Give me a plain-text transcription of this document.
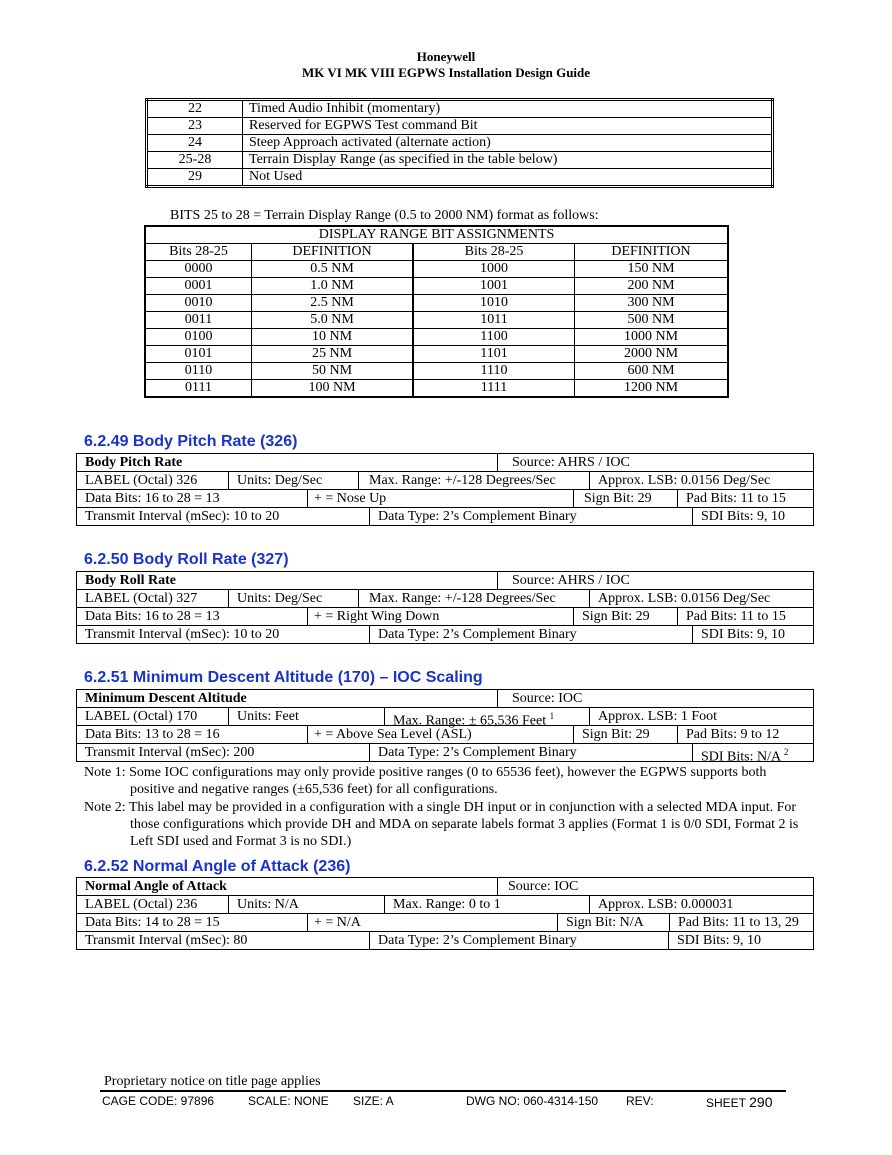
Honeywell
MK VI MK VIII EGPWS Installation Design Guide
22	Timed Audio Inhibit (momentary)
23	Reserved for EGPWS Test command Bit
24	Steep Approach activated (alternate action)
25-28	Terrain Display Range (as specified in the table below)
29	Not Used
BITS 25 to 28 = Terrain Display Range (0.5 to 2000 NM) format as follows:
DISPLAY RANGE BIT ASSIGNMENTS			
Bits 28-25	DEFINITION	Bits 28-25	DEFINITION
0000	0.5 NM	1000	150 NM
0001	1.0 NM	1001	200 NM
0010	2.5 NM	1010	300 NM
0011	5.0 NM	1011	500 NM
0100	10 NM	1100	1000 NM
0101	25 NM	1101	2000 NM
0110	50 NM	1110	600 NM
0111	100 NM	1111	1200 NM
6.2.49 Body Pitch Rate (326)
Body Pitch Rate	Source: AHRS / IOC
LABEL (Octal) 326	Units: Deg/Sec	Max. Range: +/-128 Degrees/Sec	Approx. LSB: 0.0156 Deg/Sec
Data Bits: 16 to 28 = 13	+ = Nose Up	Sign Bit: 29	Pad Bits: 11 to 15
Transmit Interval (mSec): 10 to 20	Data Type: 2’s Complement Binary	SDI Bits: 9, 10
6.2.50 Body Roll Rate (327)
Body Roll Rate	Source: AHRS / IOC
LABEL (Octal) 327	Units: Deg/Sec	Max. Range: +/-128 Degrees/Sec	Approx. LSB: 0.0156 Deg/Sec
Data Bits: 16 to 28 = 13	+ = Right Wing Down	Sign Bit: 29	Pad Bits: 11 to 15
Transmit Interval (mSec): 10 to 20	Data Type: 2’s Complement Binary	SDI Bits: 9, 10
6.2.51 Minimum Descent Altitude (170) – IOC Scaling
Minimum Descent Altitude	Source: IOC
LABEL (Octal) 170	Units: Feet	Max. Range: ± 65,536 Feet $^1$	Approx. LSB: 1 Foot
Data Bits: 13 to 28 = 16	+ = Above Sea Level (ASL)	Sign Bit: 29	Pad Bits: 9 to 12
Transmit Interval (mSec): 200	Data Type: 2’s Complement Binary	SDI Bits: N/A $^2$

Note 1: Some IOC configurations may only provide positive ranges (0 to 65536 feet), however the EGPWS supports both positive and negative ranges (±65,536 feet) for all configurations.

Note 2: This label may be provided in a configuration with a single DH input or in conjunction with a selected MDA input. For those configurations which provide DH and MDA on separate labels format 3 applies (Format 1 is 0/0 SDI, Format 2 is Left SDI used and Format 3 is no SDI.)

6.2.52 Normal Angle of Attack (236)
Normal Angle of Attack	Source: IOC
LABEL (Octal) 236	Units: N/A	Max. Range: 0 to 1	Approx. LSB: 0.000031
Data Bits: 14 to 28 = 15	+ = N/A	Sign Bit: N/A	Pad Bits: 11 to 13, 29
Transmit Interval (mSec): 80	Data Type: 2’s Complement Binary	SDI Bits: 9, 10
Proprietary notice on title page applies
CAGE CODE: 97896	SCALE: NONE SIZE: A	DWG NO: 060-4314-150 REV:	SHEET 290
